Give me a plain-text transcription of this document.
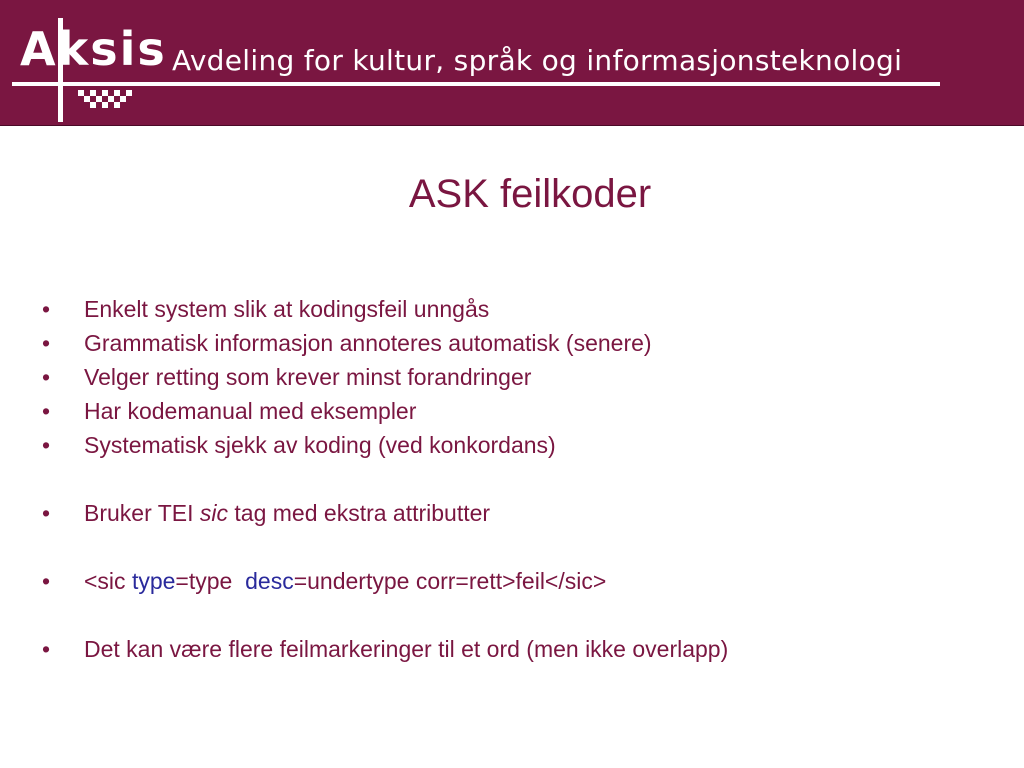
Aksis Avdeling for kultur, språk og informasjonsteknologi
ASK feilkoder
• Enkelt system slik at kodingsfeil unngås
• Grammatisk informasjon annoteres automatisk (senere)
• Velger retting som krever minst forandringer
• Har kodemanual med eksempler
• Systematisk sjekk av koding (ved konkordans)
• Bruker TEI sic tag med ekstra attributter
• <sic type=type  desc=undertype corr=rett>feil</sic>
• Det kan være flere feilmarkeringer til et ord (men ikke overlapp)
